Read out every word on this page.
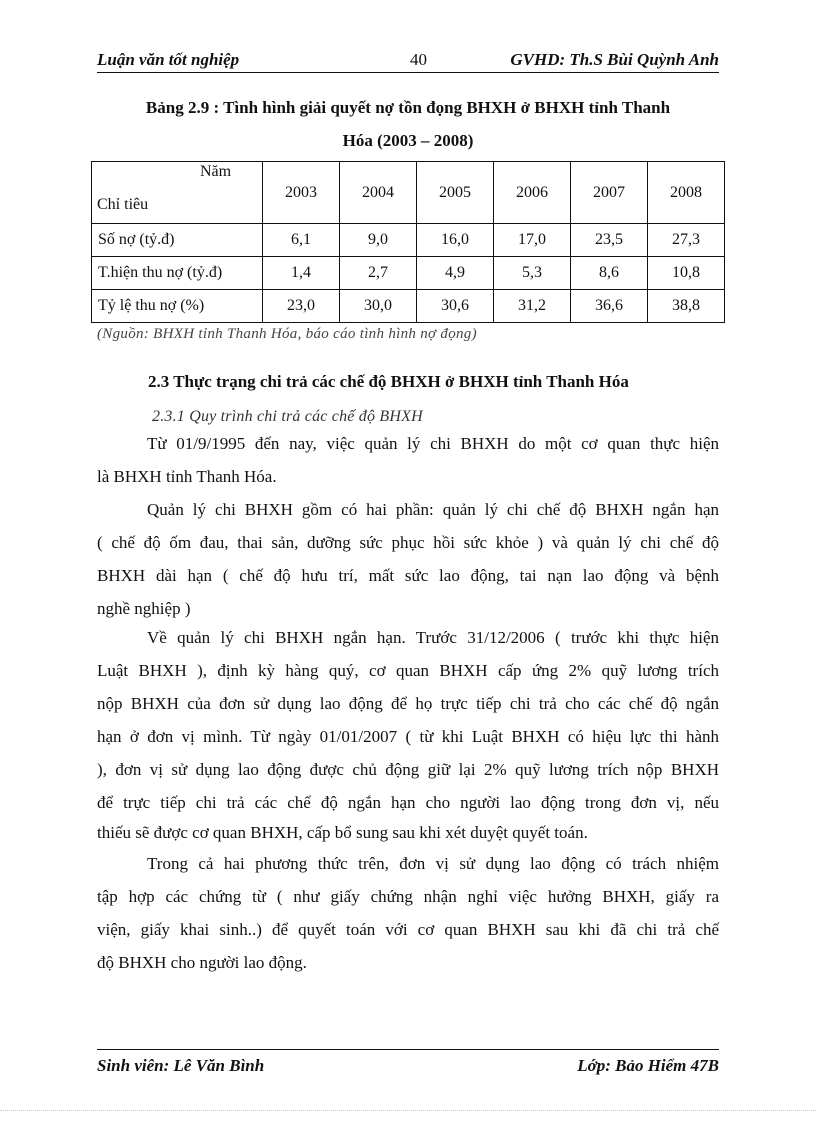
Luận văn tốt nghiệp	40	GVHD: Th.S Bùi Quỳnh Anh
Bảng 2.9 : Tình hình giải quyết nợ tồn đọng BHXH ở BHXH tỉnh Thanh
Hóa (2003 – 2008)
Năm
Chỉ tiêu	2003	2004	2005	2006	2007	2008
Số nợ (tỷ.đ)	6,1	9,0	16,0	17,0	23,5	27,3
T.hiện thu nợ (tỷ.đ)	1,4	2,7	4,9	5,3	8,6	10,8
Tỷ lệ thu nợ (%)	23,0	30,0	30,6	31,2	36,6	38,8
(Nguồn: BHXH tỉnh Thanh Hóa, báo cáo tình hình nợ đọng)
2.3 Thực trạng chi trả các chế độ BHXH ở BHXH tỉnh Thanh Hóa
2.3.1 Quy trình chi trả các chế độ BHXH
Từ 01/9/1995 đến nay, việc quản lý chi BHXH do một cơ quan thực hiện
là BHXH tỉnh Thanh Hóa.
Quản lý chi BHXH gồm có hai phần: quản lý chi chế độ BHXH ngắn hạn
( chế độ ốm đau, thai sản, dưỡng sức phục hồi sức khỏe ) và quản lý chi chế độ
BHXH dài hạn ( chế độ hưu trí, mất sức lao động, tai nạn lao động và bệnh
nghề nghiệp )
Về quản lý chi BHXH ngắn hạn. Trước 31/12/2006 ( trước khi thực hiện
Luật BHXH ), định kỳ hàng quý, cơ quan BHXH cấp ứng 2% quỹ lương trích
nộp BHXH của đơn sử dụng lao động để họ trực tiếp chi trả cho các chế độ ngắn
hạn ở đơn vị mình. Từ ngày 01/01/2007 ( từ khi Luật BHXH có hiệu lực thi hành
), đơn vị sử dụng lao động được chủ động giữ lại 2% quỹ lương trích nộp BHXH
để trực tiếp chi trả các chế độ ngắn hạn cho người lao động trong đơn vị, nếu
thiếu sẽ được cơ quan BHXH, cấp bổ sung sau khi xét duyệt quyết toán.
Trong cả hai phương thức trên, đơn vị sử dụng lao động có trách nhiệm
tập hợp các chứng từ ( như giấy chứng nhận nghỉ việc hưởng BHXH, giấy ra
viện, giấy khai sinh..) để quyết toán với cơ quan BHXH sau khi đã chi trả chế
độ BHXH cho người lao động.
Sinh viên: Lê Văn Bình	Lớp: Bảo Hiểm 47B
